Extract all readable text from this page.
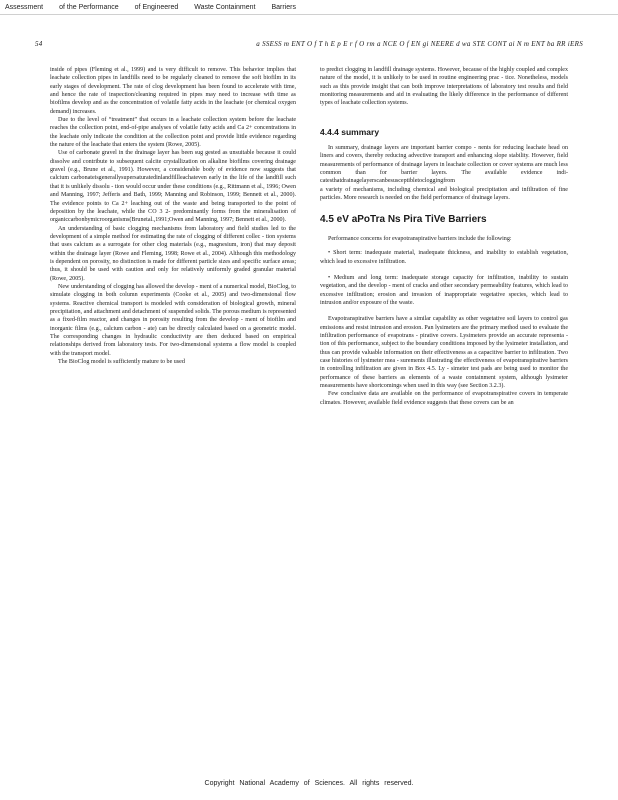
Assessment	of the Performance	of Engineered	Waste Containment	Barriers
54	a SSESS m ENT O f T h E p E r f O rm a NCE O f EN gi NEERE d wa STE CONT ai N m ENT ba RR iERS

inside of pipes (Fleming et al., 1999) and is very difficult to remove. This behavior implies that leachate collection pipes in landfills need to be regularly cleaned to remove the soft biofilm in its early stages of development. The rate of clog development has been found to accelerate with time, and hence the rate of inspection/cleaning required in pipes may need to increase with time as biofilms develop and as the concentration of volatile fatty acids in the leachate (or chemical oxygen demand) increases.

Due to the level of “treatment” that occurs in a leachate collection system before the leachate reaches the collection point, end-of-pipe analyses of volatile fatty acids and Ca 2+ concentrations in the leachate only indicate the condition at the collection point and provide little evidence regarding the nature of the leachate that enters the system (Rowe, 2005).

Use of carbonate gravel in the drainage layer has been sug gested as unsuitable because it could dissolve and contribute to subsequent calcite crystallization on alkaline biofilms covering drainage gravel (e.g., Brune et al., 1991). However, a considerable body of evidence now suggests that calcium carbonateisgenerallysupersaturatedinlandfillleachateven early in the life of the landfill such that it is unlikely dissolu - tion would occur under these conditions (e.g., Rittmann et al., 1996; Owen and Manning, 1997; Jefferis and Bath, 1999; Manning and Robinson, 1999; Bennett et al., 2000). The evidence points to Ca 2+ leaching out of the waste and being transported to the point of deposition by the leachate, while the CO 3 2- predominantly forms from the mineralisation of organiccarbonbymicroorganisms(Brunetal.,1991;Owen and Manning, 1997; Bennett et al., 2000).

An understanding of basic clogging mechanisms from laboratory and field studies led to the development of a simple method for estimating the rate of clogging of different collec - tion systems that uses calcium as a surrogate for other clog materials (e.g., magnesium, iron) that may deposit within the drainage layer (Rowe and Fleming, 1998; Rowe et al., 2004). Although this methodology is dependent on porosity, no distinction is made for different particle sizes and specific surface areas; thus, it should be used with caution and only for relatively uniformly graded granular material (Rowe, 2005).

New understanding of clogging has allowed the develop - ment of a numerical model, BioClog, to simulate clogging in both column experiments (Cooke et al., 2005) and two-dimensional flow systems. Reactive chemical transport is modeled with consideration of biological growth, mineral precipitation, and attachment and detachment of suspended solids. The porous medium is represented as a fixed-film reactor, and changes in porosity resulting from the develop - ment of biofilm and inorganic films (e.g., calcium carbon - ate) can be directly calculated based on a geometric model. The corresponding changes in hydraulic conductivity are then deduced based on empirical relationships derived from laboratory tests. For two-dimensional systems a flow model is coupled with the transport model.

The BioClog model is sufficiently mature to be used

to predict clogging in landfill drainage systems. However, because of the highly coupled and complex nature of the model, it is unlikely to be used in routine engineering prac - tice. Nonetheless, models such as this provide insight that can both improve interpretations of laboratory test results and field monitoring measurements and aid in evaluating the likely difference in the performance of different types of leachate collection systems.

4.4.4 summary

In summary, drainage layers are important barrier compo - nents for reducing leachate head on liners and covers, thereby reducing advective transport and enhancing slope stability. However, field measurements of performance of drainage layers in leachate collection or cover systems are much less common than for barrier layers. The available evidence indi- catesthatdrainagelayerscanbesusceptibletocloggingfrom

a variety of mechanisms, including chemical and biological precipitation and infiltration of fine particles. More research is needed on the field performance of drainage layers.

4.5 eV aPoTra Ns Pira TiVe Barriers

Performance concerns for evapotranspirative barriers include the following:

• Short term: inadequate material, inadequate thickness, and inability to establish vegetation, which lead to excessive infiltration.
• Medium and long term: inadequate storage capacity for infiltration, inability to sustain vegetation, and the develop - ment of cracks and other secondary permeability features, which lead to excessive infiltration; erosion and invasion of inappropriate vegetative species, which lead to intrusion and/or exposure of the waste.

Evapotranspirative barriers have a similar capability as other vegetative soil layers to control gas emissions and resist intrusion and erosion. Pan lysimeters are the primary method used to evaluate the infiltration performance of evapotrans - pirative covers. Lysimeters provide an accurate representa - tion of this performance, subject to the boundary conditions imposed by the lysimeter installation, and thus can provide valuable information on their effectiveness as a capacitive barrier to infiltration. Two case histories of lysimeter mea - surements illustrating the effectiveness of evapotranspirative barriers in controlling infiltration are given in Box 4.5. Ly - simeter test pads are being used to monitor the performance of these barriers as elements of a waste containment system, although lysimeter measurements have shortcomings when used in this way (see Section 3.2.3).

Few conclusive data are available on the performance of evapotranspirative covers in temperate climates. However, available field evidence suggests that these covers can be an

Copyright National Academy of Sciences. All rights reserved.
